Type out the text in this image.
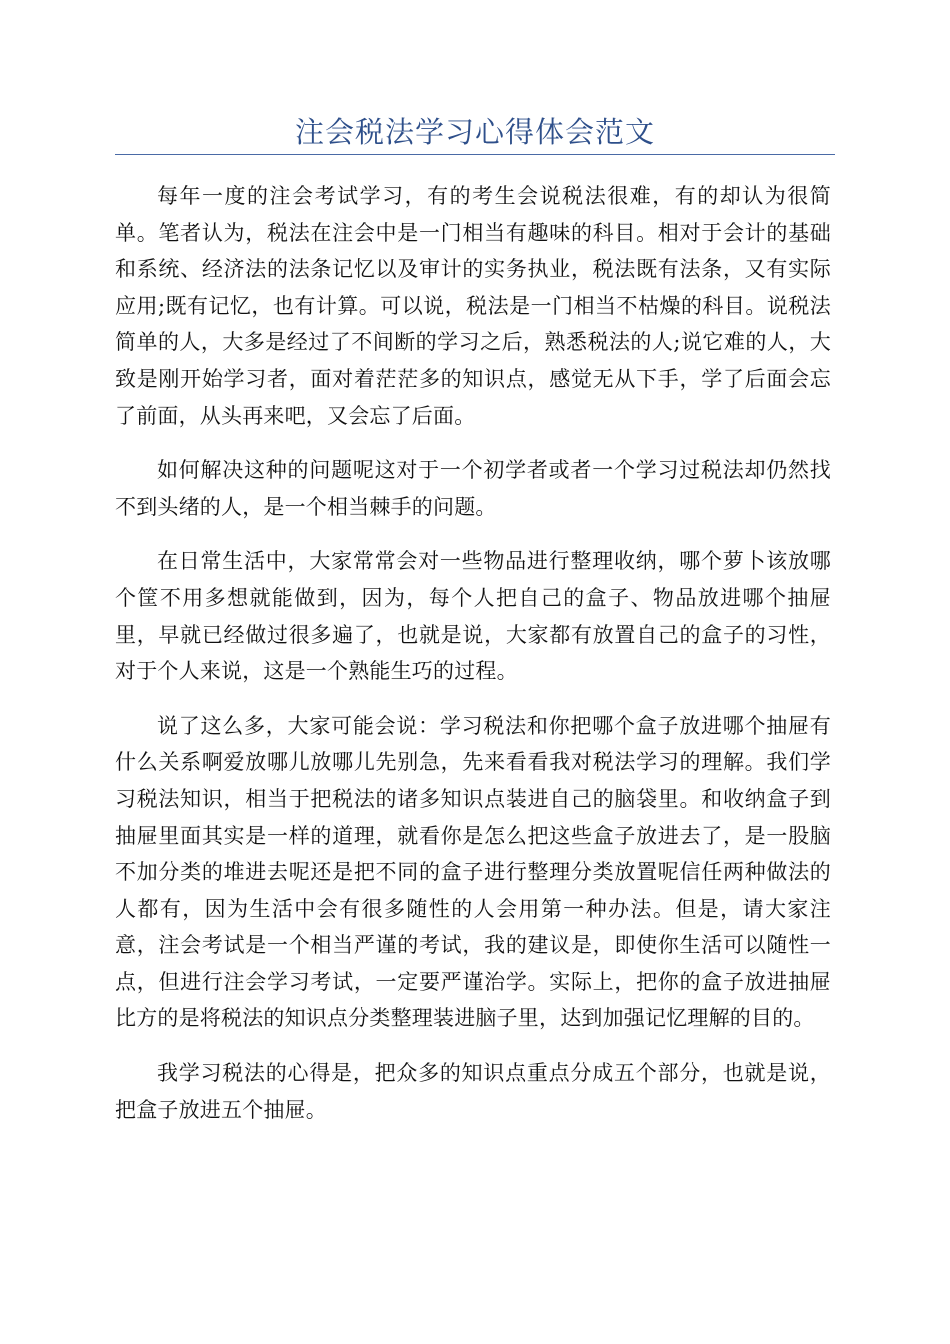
注会税法学习心得体会范文

每年一度的注会考试学习，有的考生会说税法很难，有的却认为很简单。笔者认为，税法在注会中是一门相当有趣味的科目。相对于会计的基础和系统、经济法的法条记忆以及审计的实务执业，税法既有法条，又有实际应用;既有记忆，也有计算。可以说，税法是一门相当不枯燥的科目。说税法简单的人，大多是经过了不间断的学习之后，熟悉税法的人;说它难的人，大致是刚开始学习者，面对着茫茫多的知识点，感觉无从下手，学了后面会忘了前面，从头再来吧，又会忘了后面。

如何解决这种的问题呢这对于一个初学者或者一个学习过税法却仍然找不到头绪的人，是一个相当棘手的问题。

在日常生活中，大家常常会对一些物品进行整理收纳，哪个萝卜该放哪个筐不用多想就能做到，因为，每个人把自己的盒子、物品放进哪个抽屉里，早就已经做过很多遍了，也就是说，大家都有放置自己的盒子的习性，对于个人来说，这是一个熟能生巧的过程。

说了这么多，大家可能会说：学习税法和你把哪个盒子放进哪个抽屉有什么关系啊爱放哪儿放哪儿先别急，先来看看我对税法学习的理解。我们学习税法知识，相当于把税法的诸多知识点装进自己的脑袋里。和收纳盒子到抽屉里面其实是一样的道理，就看你是怎么把这些盒子放进去了，是一股脑不加分类的堆进去呢还是把不同的盒子进行整理分类放置呢信任两种做法的人都有，因为生活中会有很多随性的人会用第一种办法。但是，请大家注意，注会考试是一个相当严谨的考试，我的建议是，即使你生活可以随性一点，但进行注会学习考试，一定要严谨治学。实际上，把你的盒子放进抽屉比方的是将税法的知识点分类整理装进脑子里，达到加强记忆理解的目的。

我学习税法的心得是，把众多的知识点重点分成五个部分，也就是说，把盒子放进五个抽屉。
